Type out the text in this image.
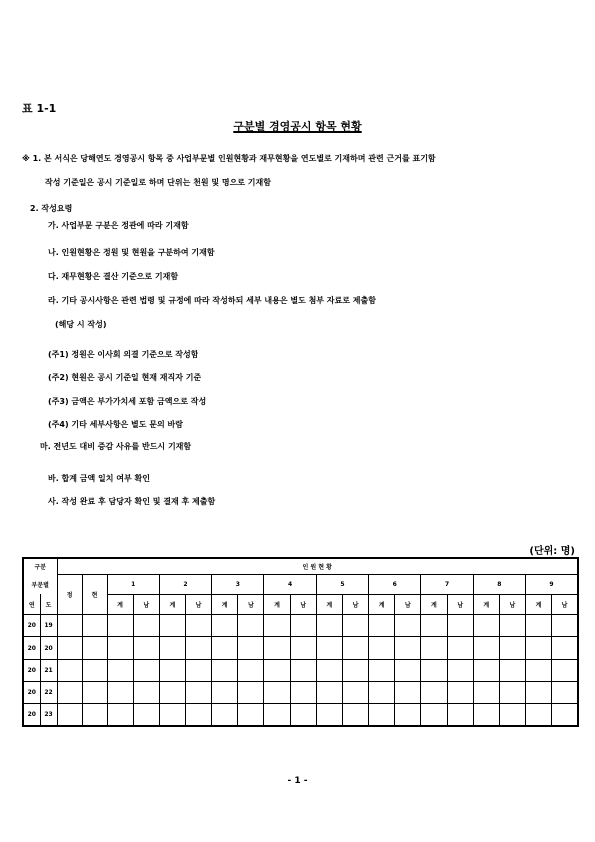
표 1-1
구분별 경영공시 항목 현황
※ 1. 본 서식은 당해연도 경영공시 항목 중 사업부문별 인원현황과 재무현황을 연도별로 기재하며 관련 근거를 표기함
작성 기준일은 공시 기준일로 하며 단위는 천원 및 명으로 기재함
2. 작성요령
가. 사업부문 구분은 정관에 따라 기재함
나. 인원현황은 정원 및 현원을 구분하여 기재함
다. 재무현황은 결산 기준으로 기재함
라. 기타 공시사항은 관련 법령 및 규정에 따라 작성하되 세부 내용은 별도 첨부 자료로 제출함
(해당 시 작성)
(주1) 정원은 이사회 의결 기준으로 작성함
(주2) 현원은 공시 기준일 현재 재직자 기준
(주3) 금액은 부가가치세 포함 금액으로 작성
(주4) 기타 세부사항은 별도 문의 바람
마. 전년도 대비 증감 사유를 반드시 기재함
바. 합계 금액 일치 여부 확인
사. 작성 완료 후 담당자 확인 및 결재 후 제출함
(단위: 명)
구분		인 원 현 황																			
부문별		정	현	1		2		3		4		5		6		7		8		9	
연	도			계	남	계	남	계	남	계	남	계	남	계	남	계	남	계	남	계	남
20	19																				
20	20																				
20	21																				
20	22																				
20	23																				
- 1 -
